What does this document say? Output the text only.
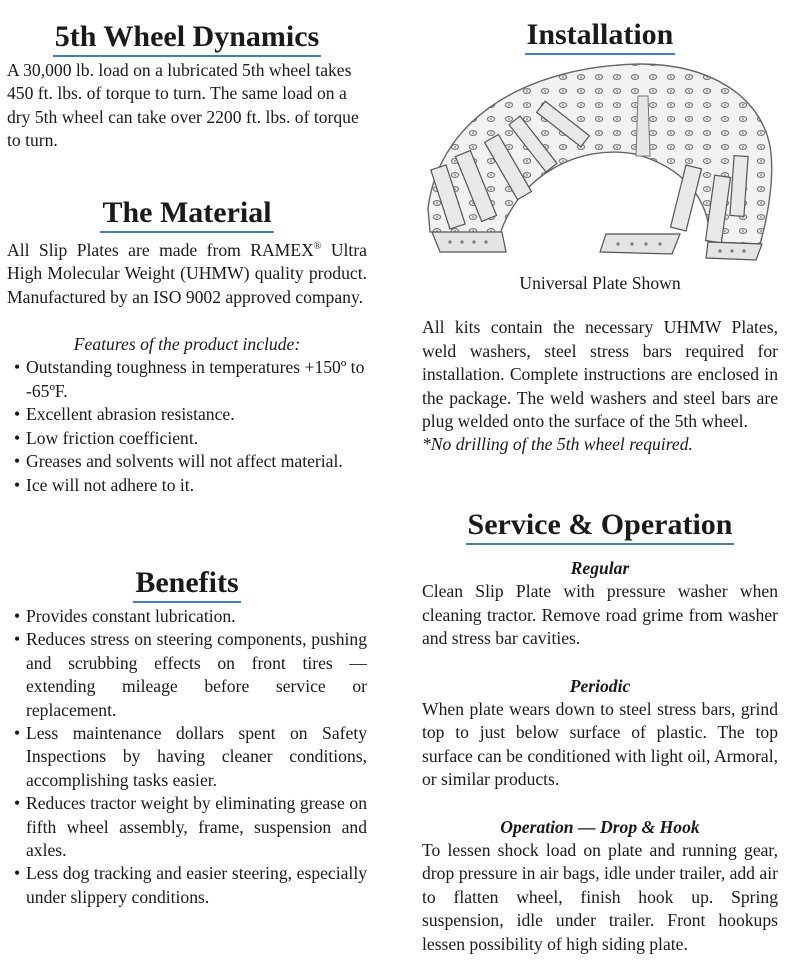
5th Wheel Dynamics

A 30,000 lb. load on a lubricated 5th wheel takes 450 ft. lbs. of torque to turn. The same load on a dry 5th wheel can take over 2200 ft. lbs. of torque to turn.

The Material

All Slip Plates are made from RAMEX® Ultra High Molecular Weight (UHMW) quality product. Manufactured by an ISO 9002 approved company.

Features of the product include:
• Outstanding toughness in temperatures +150º to -65ºF.
• Excellent abrasion resistance.
• Low friction coefficient.
• Greases and solvents will not affect material.
• Ice will not adhere to it.
Benefits
• Provides constant lubrication.
• Reduces stress on steering components, pushing and scrubbing effects on front tires — extending mileage before service or replacement.
• Less maintenance dollars spent on Safety Inspections by having cleaner conditions, accomplishing tasks easier.
• Reduces tractor weight by eliminating grease on fifth wheel assembly, frame, suspension and axles.
• Less dog tracking and easier steering, especially under slippery conditions.
Installation
Universal Plate Shown

All kits contain the necessary UHMW Plates, weld washers, steel stress bars required for installation. Complete instructions are enclosed in the package. The weld washers and steel bars are plug welded onto the surface of the 5th wheel.

*No drilling of the 5th wheel required.

Service & Operation
Regular

Clean Slip Plate with pressure washer when cleaning tractor. Remove road grime from washer and stress bar cavities.

Periodic

When plate wears down to steel stress bars, grind top to just below surface of plastic. The top surface can be conditioned with light oil, Armoral, or similar products.

Operation — Drop & Hook

To lessen shock load on plate and running gear, drop pressure in air bags, idle under trailer, add air to flatten wheel, finish hook up. Spring suspension, idle under trailer. Front hookups lessen possibility of high siding plate.
